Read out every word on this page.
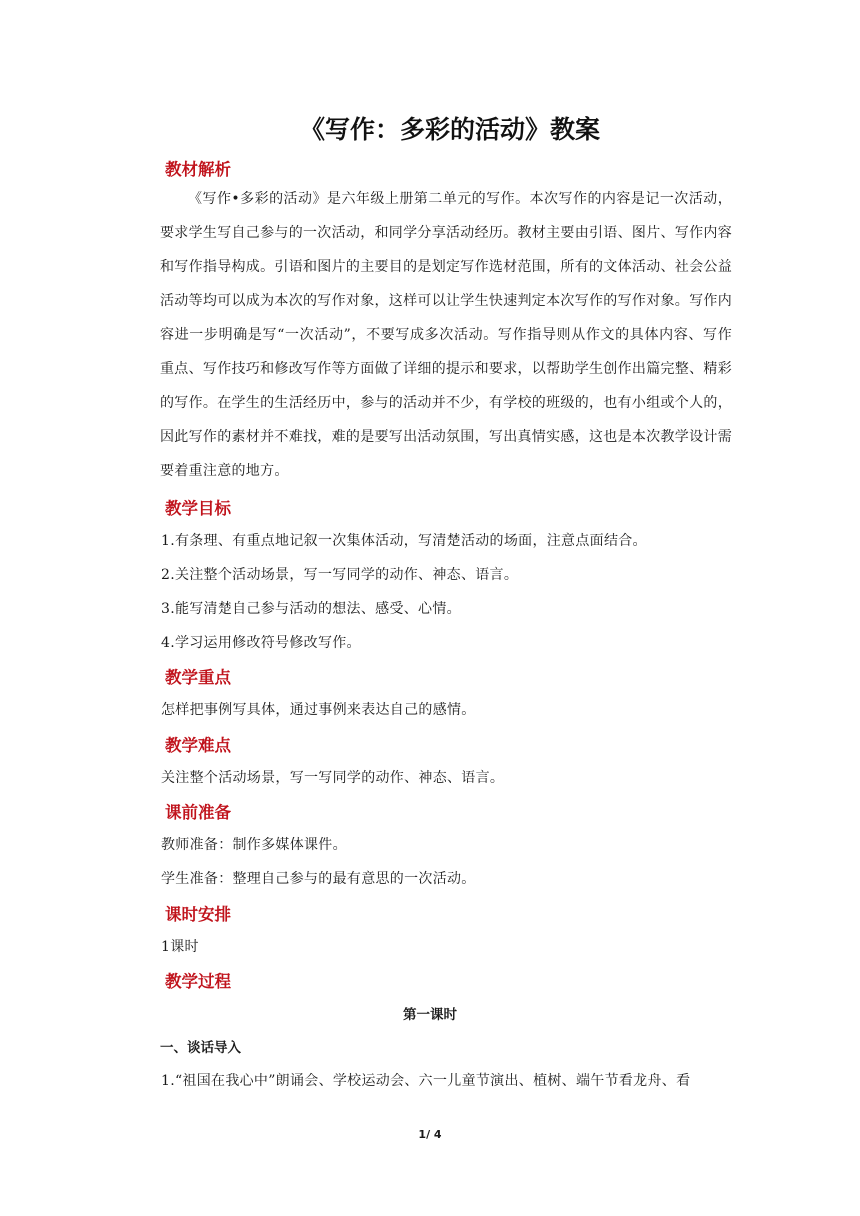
《写作：多彩的活动》教案
教材解析

《写作•多彩的活动》是六年级上册第二单元的写作。本次写作的内容是记一次活动，要求学生写自己参与的一次活动，和同学分享活动经历。教材主要由引语、图片、写作内容和写作指导构成。引语和图片的主要目的是划定写作选材范围，所有的文体活动、社会公益活动等均可以成为本次的写作对象，这样可以让学生快速判定本次写作的写作对象。写作内容进一步明确是写“一次活动”，不要写成多次活动。写作指导则从作文的具体内容、写作重点、写作技巧和修改写作等方面做了详细的提示和要求，以帮助学生创作出篇完整、精彩的写作。在学生的生活经历中，参与的活动并不少，有学校的班级的，也有小组或个人的，因此写作的素材并不难找，难的是要写出活动氛围，写出真情实感，这也是本次教学设计需要着重注意的地方。

教学目标
1.有条理、有重点地记叙一次集体活动，写清楚活动的场面，注意点面结合。
2.关注整个活动场景，写一写同学的动作、神态、语言。
3.能写清楚自己参与活动的想法、感受、心情。
4.学习运用修改符号修改写作。
教学重点
怎样把事例写具体，通过事例来表达自己的感情。
教学难点
关注整个活动场景，写一写同学的动作、神态、语言。
课前准备
教师准备：制作多媒体课件。
学生准备：整理自己参与的最有意思的一次活动。
课时安排
1课时
教学过程
第一课时
一、谈话导入
1.“祖国在我心中”朗诵会、学校运动会、六一儿童节演出、植树、端午节看龙舟、看
1/ 4
